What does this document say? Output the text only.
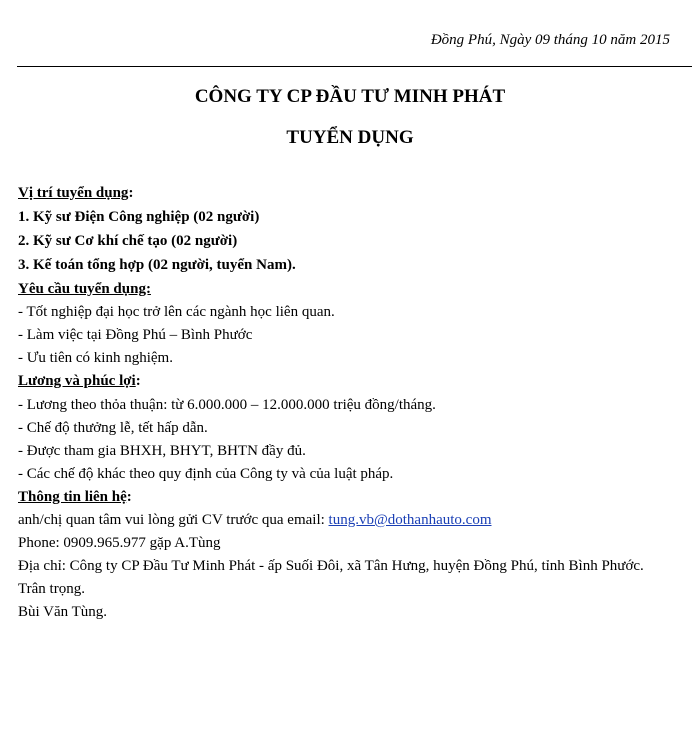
Đồng Phú, Ngày 09 tháng 10 năm 2015
CÔNG TY CP ĐẦU TƯ MINH PHÁT
TUYỂN DỤNG
Vị trí tuyển dụng:
1. Kỹ sư Điện Công nghiệp (02 người)
2. Kỹ sư Cơ khí chế tạo (02 người)
3. Kế toán tổng hợp (02 người, tuyển Nam).
Yêu cầu tuyển dụng:
- Tốt nghiệp đại học trở lên các ngành học liên quan.
- Làm việc tại Đồng Phú – Bình Phước
- Ưu tiên có kinh nghiệm.
Lương và phúc lợi:
- Lương theo thỏa thuận: từ 6.000.000 – 12.000.000 triệu đồng/tháng.
- Chế độ thưởng lễ, tết hấp dẫn.
- Được tham gia BHXH, BHYT, BHTN đầy đủ.
- Các chế độ khác theo quy định của Công ty và của luật pháp.
Thông tin liên hệ:
anh/chị quan tâm vui lòng gửi CV trước qua email: tung.vb@dothanhauto.com
Phone: 0909.965.977 gặp A.Tùng
Địa chỉ: Công ty CP Đầu Tư Minh Phát - ấp Suối Đôi, xã Tân Hưng, huyện Đồng Phú, tỉnh Bình Phước.
Trân trọng.
Bùi Văn Tùng.
